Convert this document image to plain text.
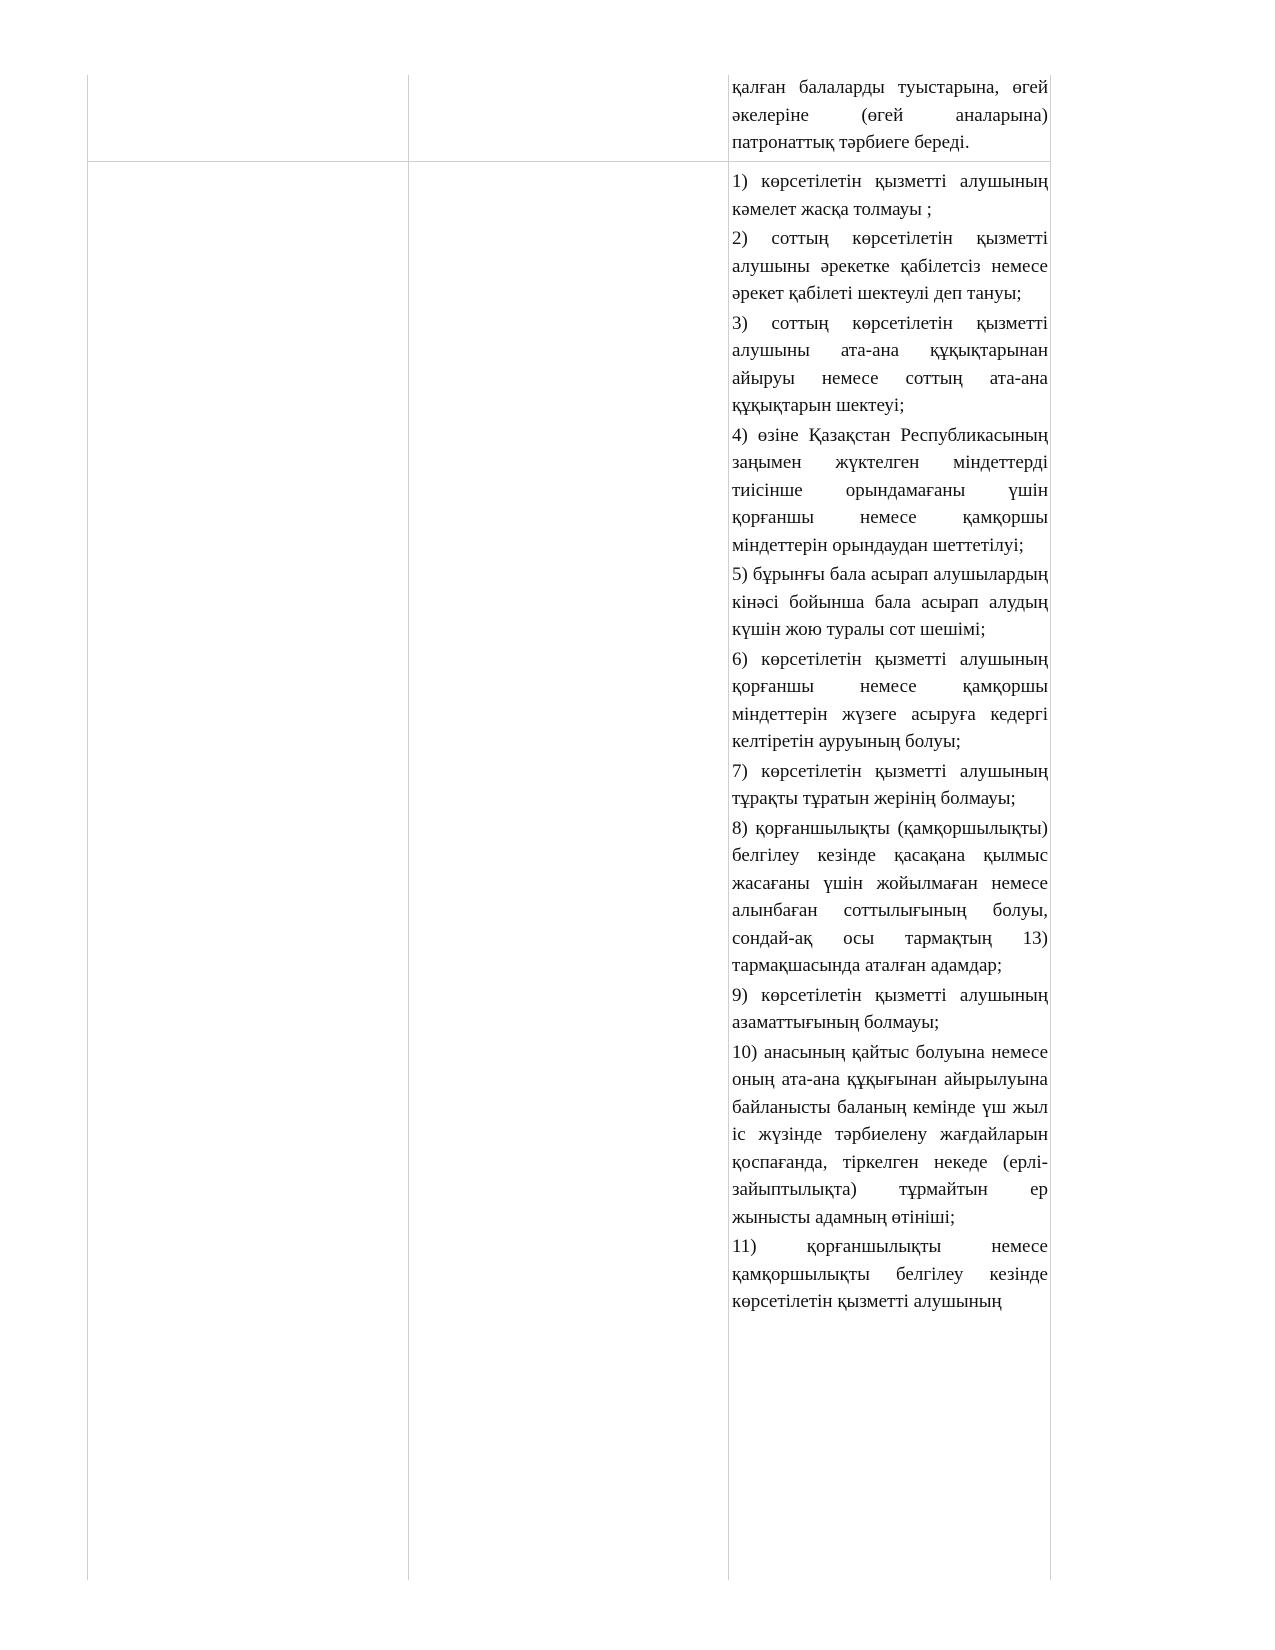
қалған балаларды туыстарына, өгей әкелеріне (өгей аналарына) патронаттық тәрбиеге береді.

1) көрсетілетін қызметті алушының кәмелет жасқа толмауы ;

2) соттың көрсетілетін қызметті алушыны әрекетке қабілетсіз немесе әрекет қабілеті шектеулі деп тануы;

3) соттың көрсетілетін қызметті алушыны ата-ана құқықтарынан айыруы немесе соттың ата-ана құқықтарын шектеуі;

4) өзіне Қазақстан Республикасының заңымен жүктелген міндеттерді тиісінше орындамағаны үшін қорғаншы немесе қамқоршы міндеттерін орындаудан шеттетілуі;

5) бұрынғы бала асырап алушылардың кінәсі бойынша бала асырап алудың күшін жою туралы сот шешімі;

6) көрсетілетін қызметті алушының қорғаншы немесе қамқоршы міндеттерін жүзеге асыруға кедергі келтіретін ауруының болуы;

7) көрсетілетін қызметті алушының тұрақты тұратын жерінің болмауы;

8) қорғаншылықты (қамқоршылықты) белгілеу кезінде қасақана қылмыс жасағаны үшін жойылмаған немесе алынбаған соттылығының болуы, сондай-ақ осы тармақтың 13) тармақшасында аталған адамдар;

9) көрсетілетін қызметті алушының азаматтығының болмауы;

10) анасының қайтыс болуына немесе оның ата-ана құқығынан айырылуына байланысты баланың кемінде үш жыл іс жүзінде тәрбиелену жағдайларын қоспағанда, тіркелген некеде (ерлі-зайыптылықта) тұрмайтын ер жынысты адамның өтініші;

11) қорғаншылықты немесе қамқоршылықты белгілеу кезінде көрсетілетін қызметті алушының
